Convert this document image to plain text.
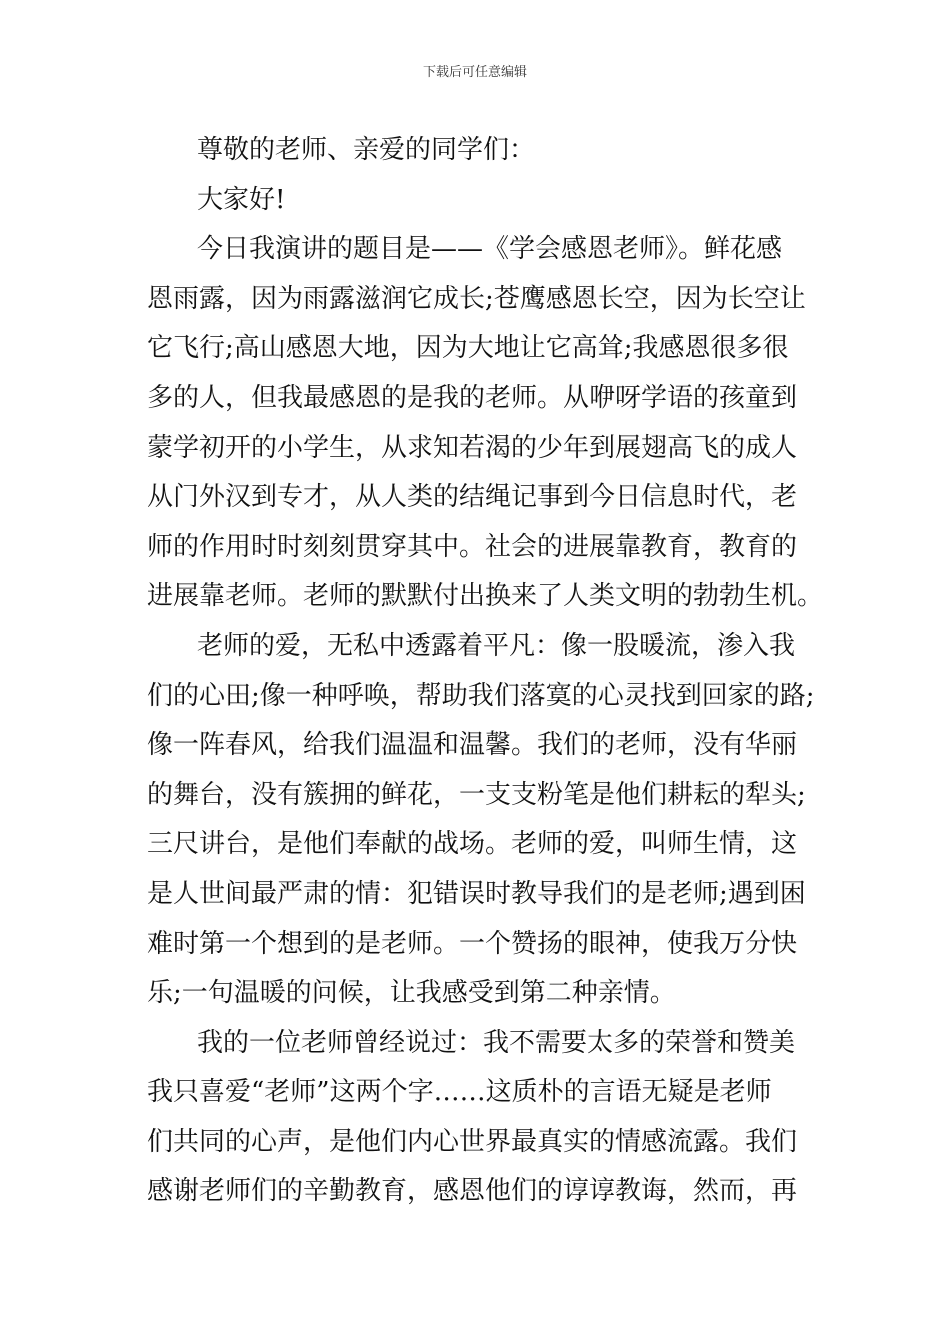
下载后可任意编辑
尊敬的老师、亲爱的同学们：
大家好!
今日我演讲的题目是——《学会感恩老师》。鲜花感
恩雨露，因为雨露滋润它成长;苍鹰感恩长空，因为长空让
它飞行;高山感恩大地，因为大地让它高耸;我感恩很多很
多的人，但我最感恩的是我的老师。从咿呀学语的孩童到
蒙学初开的小学生，从求知若渴的少年到展翅高飞的成人
从门外汉到专才，从人类的结绳记事到今日信息时代，老
师的作用时时刻刻贯穿其中。社会的进展靠教育，教育的
进展靠老师。老师的默默付出换来了人类文明的勃勃生机。
老师的爱，无私中透露着平凡：像一股暖流，渗入我
们的心田;像一种呼唤，帮助我们落寞的心灵找到回家的路;
像一阵春风，给我们温温和温馨。我们的老师，没有华丽
的舞台，没有簇拥的鲜花，一支支粉笔是他们耕耘的犁头;
三尺讲台，是他们奉献的战场。老师的爱，叫师生情，这
是人世间最严肃的情：犯错误时教导我们的是老师;遇到困
难时第一个想到的是老师。一个赞扬的眼神，使我万分快
乐;一句温暖的问候，让我感受到第二种亲情。
我的一位老师曾经说过：我不需要太多的荣誉和赞美
我只喜爱“老师”这两个字……这质朴的言语无疑是老师
们共同的心声，是他们内心世界最真实的情感流露。我们
感谢老师们的辛勤教育，感恩他们的谆谆教诲，然而，再
